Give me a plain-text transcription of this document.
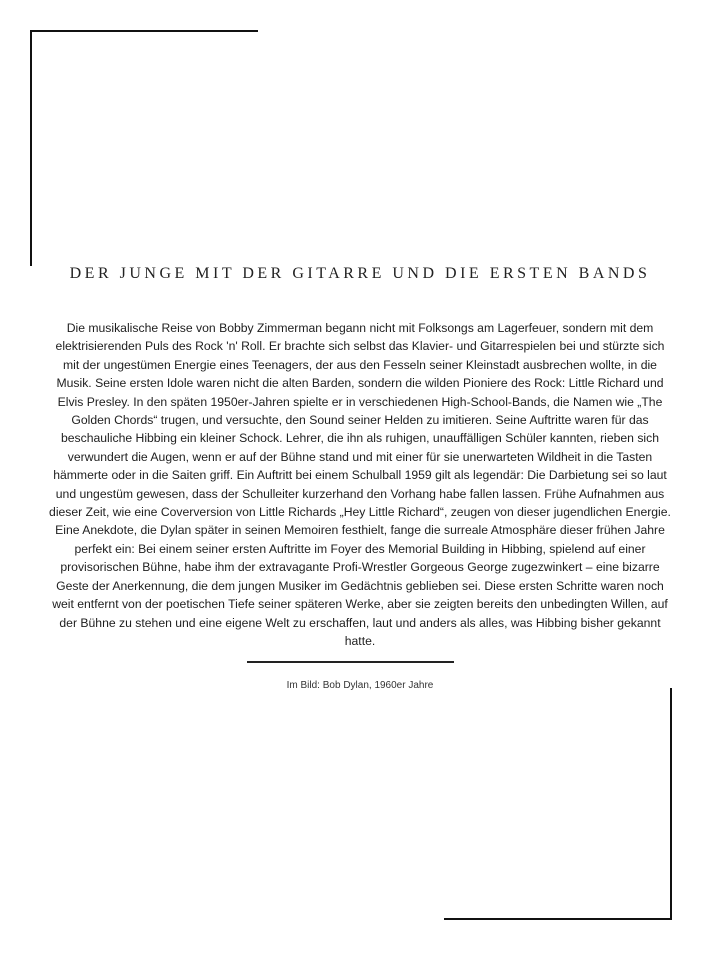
DER JUNGE MIT DER GITARRE UND DIE ERSTEN BANDS

Die musikalische Reise von Bobby Zimmerman begann nicht mit Folksongs am Lagerfeuer, sondern mit dem elektrisierenden Puls des Rock 'n' Roll. Er brachte sich selbst das Klavier- und Gitarrespielen bei und stürzte sich mit der ungestümen Energie eines Teenagers, der aus den Fesseln seiner Kleinstadt ausbrechen wollte, in die Musik. Seine ersten Idole waren nicht die alten Barden, sondern die wilden Pioniere des Rock: Little Richard und Elvis Presley. In den späten 1950er-Jahren spielte er in verschiedenen High-School-Bands, die Namen wie „The Golden Chords“ trugen, und versuchte, den Sound seiner Helden zu imitieren. Seine Auftritte waren für das beschauliche Hibbing ein kleiner Schock. Lehrer, die ihn als ruhigen, unauffälligen Schüler kannten, rieben sich verwundert die Augen, wenn er auf der Bühne stand und mit einer für sie unerwarteten Wildheit in die Tasten hämmerte oder in die Saiten griff. Ein Auftritt bei einem Schulball 1959 gilt als legendär: Die Darbietung sei so laut und ungestüm gewesen, dass der Schulleiter kurzerhand den Vorhang habe fallen lassen. Frühe Aufnahmen aus dieser Zeit, wie eine Coverversion von Little Richards „Hey Little Richard“, zeugen von dieser jugendlichen Energie. Eine Anekdote, die Dylan später in seinen Memoiren festhielt, fange die surreale Atmosphäre dieser frühen Jahre perfekt ein: Bei einem seiner ersten Auftritte im Foyer des Memorial Building in Hibbing, spielend auf einer provisorischen Bühne, habe ihm der extravagante Profi-Wrestler Gorgeous George zugezwinkert – eine bizarre Geste der Anerkennung, die dem jungen Musiker im Gedächtnis geblieben sei. Diese ersten Schritte waren noch weit entfernt von der poetischen Tiefe seiner späteren Werke, aber sie zeigten bereits den unbedingten Willen, auf der Bühne zu stehen und eine eigene Welt zu erschaffen, laut und anders als alles, was Hibbing bisher gekannt hatte.

Im Bild: Bob Dylan, 1960er Jahre
